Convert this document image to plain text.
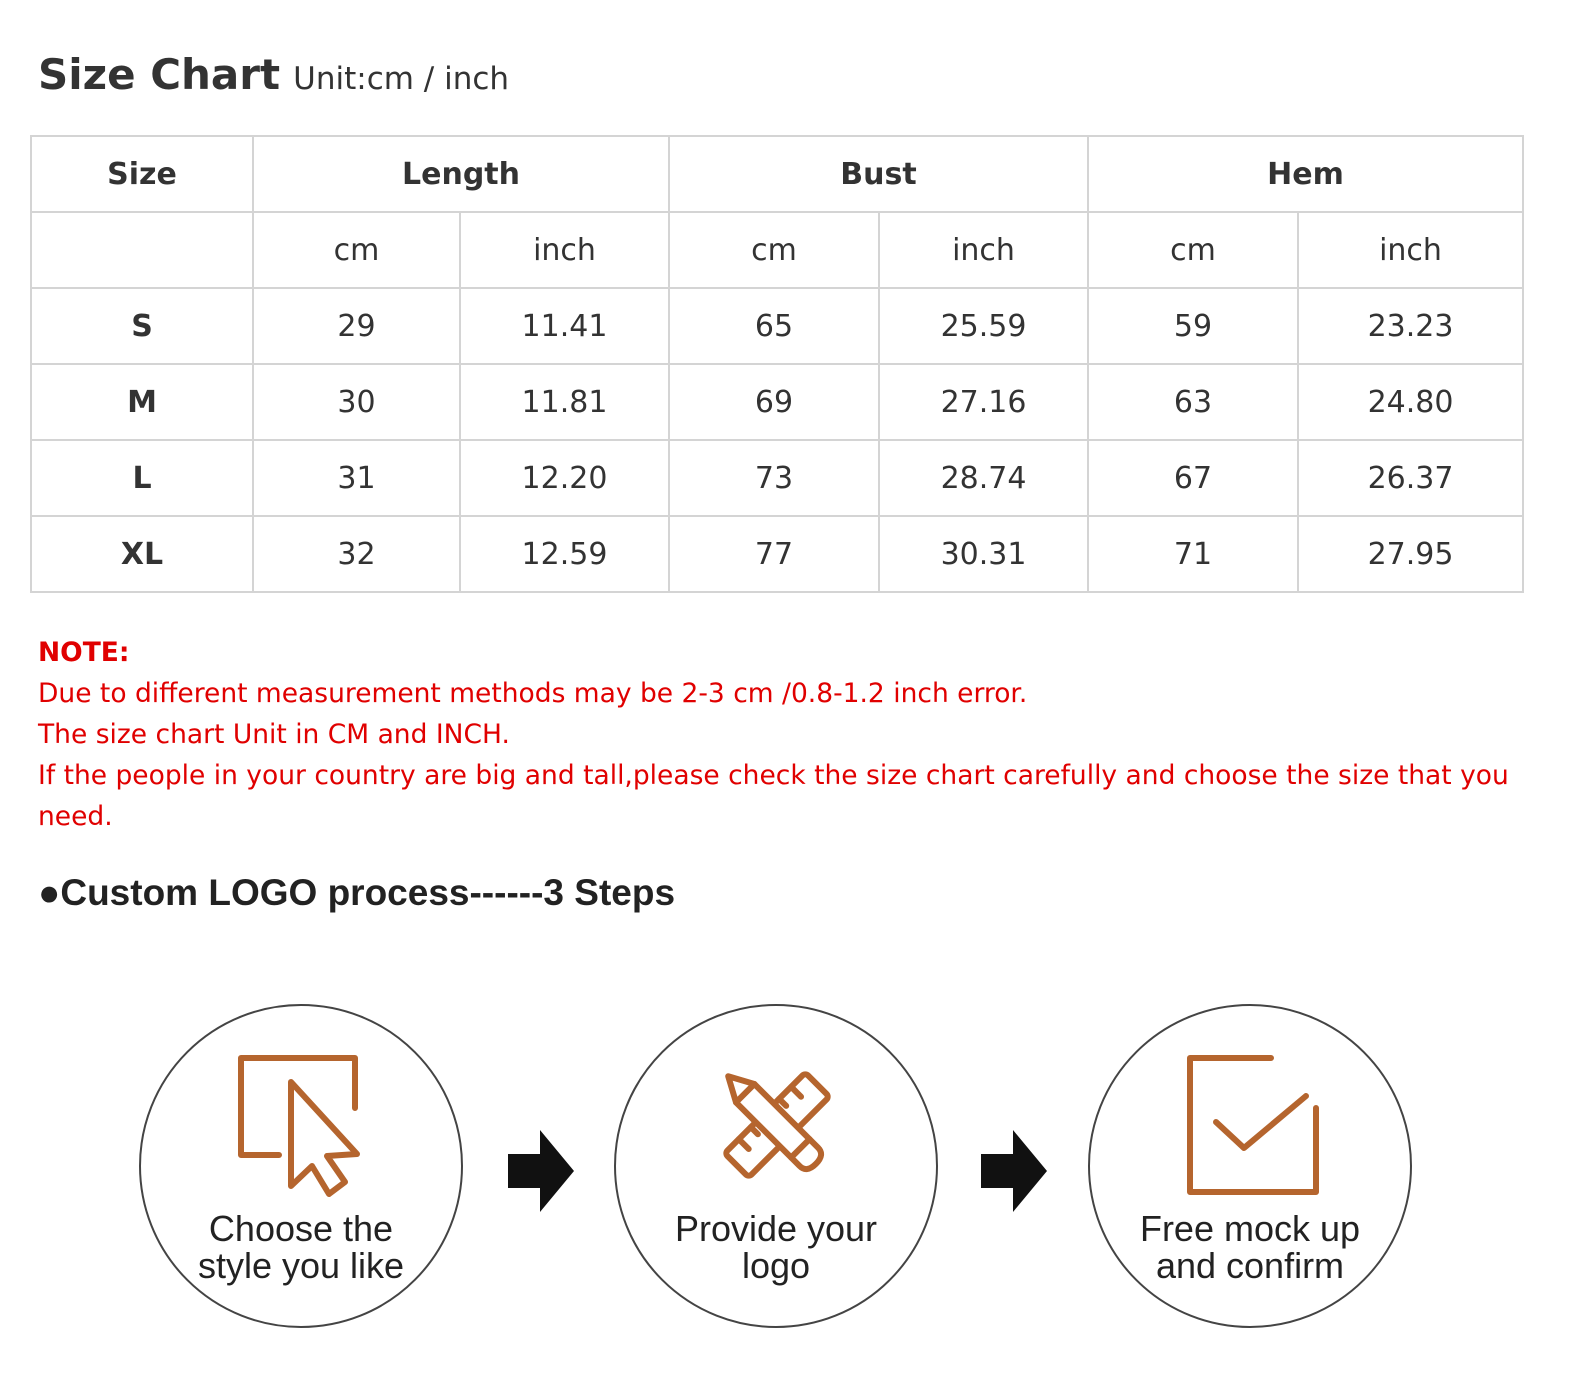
Size Chart Unit:cm / inch
Size	Length		Bust		Hem	
	cm	inch	cm	inch	cm	inch
S	29	11.41	65	25.59	59	23.23
M	30	11.81	69	27.16	63	24.80
L	31	12.20	73	28.74	67	26.37
XL	32	12.59	77	30.31	71	27.95

NOTE:

Due to different measurement methods may be 2-3 cm /0.8-1.2 inch error.

The size chart Unit in CM and INCH.

If the people in your country are big and tall,please check the size chart carefully and choose the size that you need.

●Custom LOGO process------3 Steps
Choose the
style you like
Provide your
logo
Free mock up
and confirm
